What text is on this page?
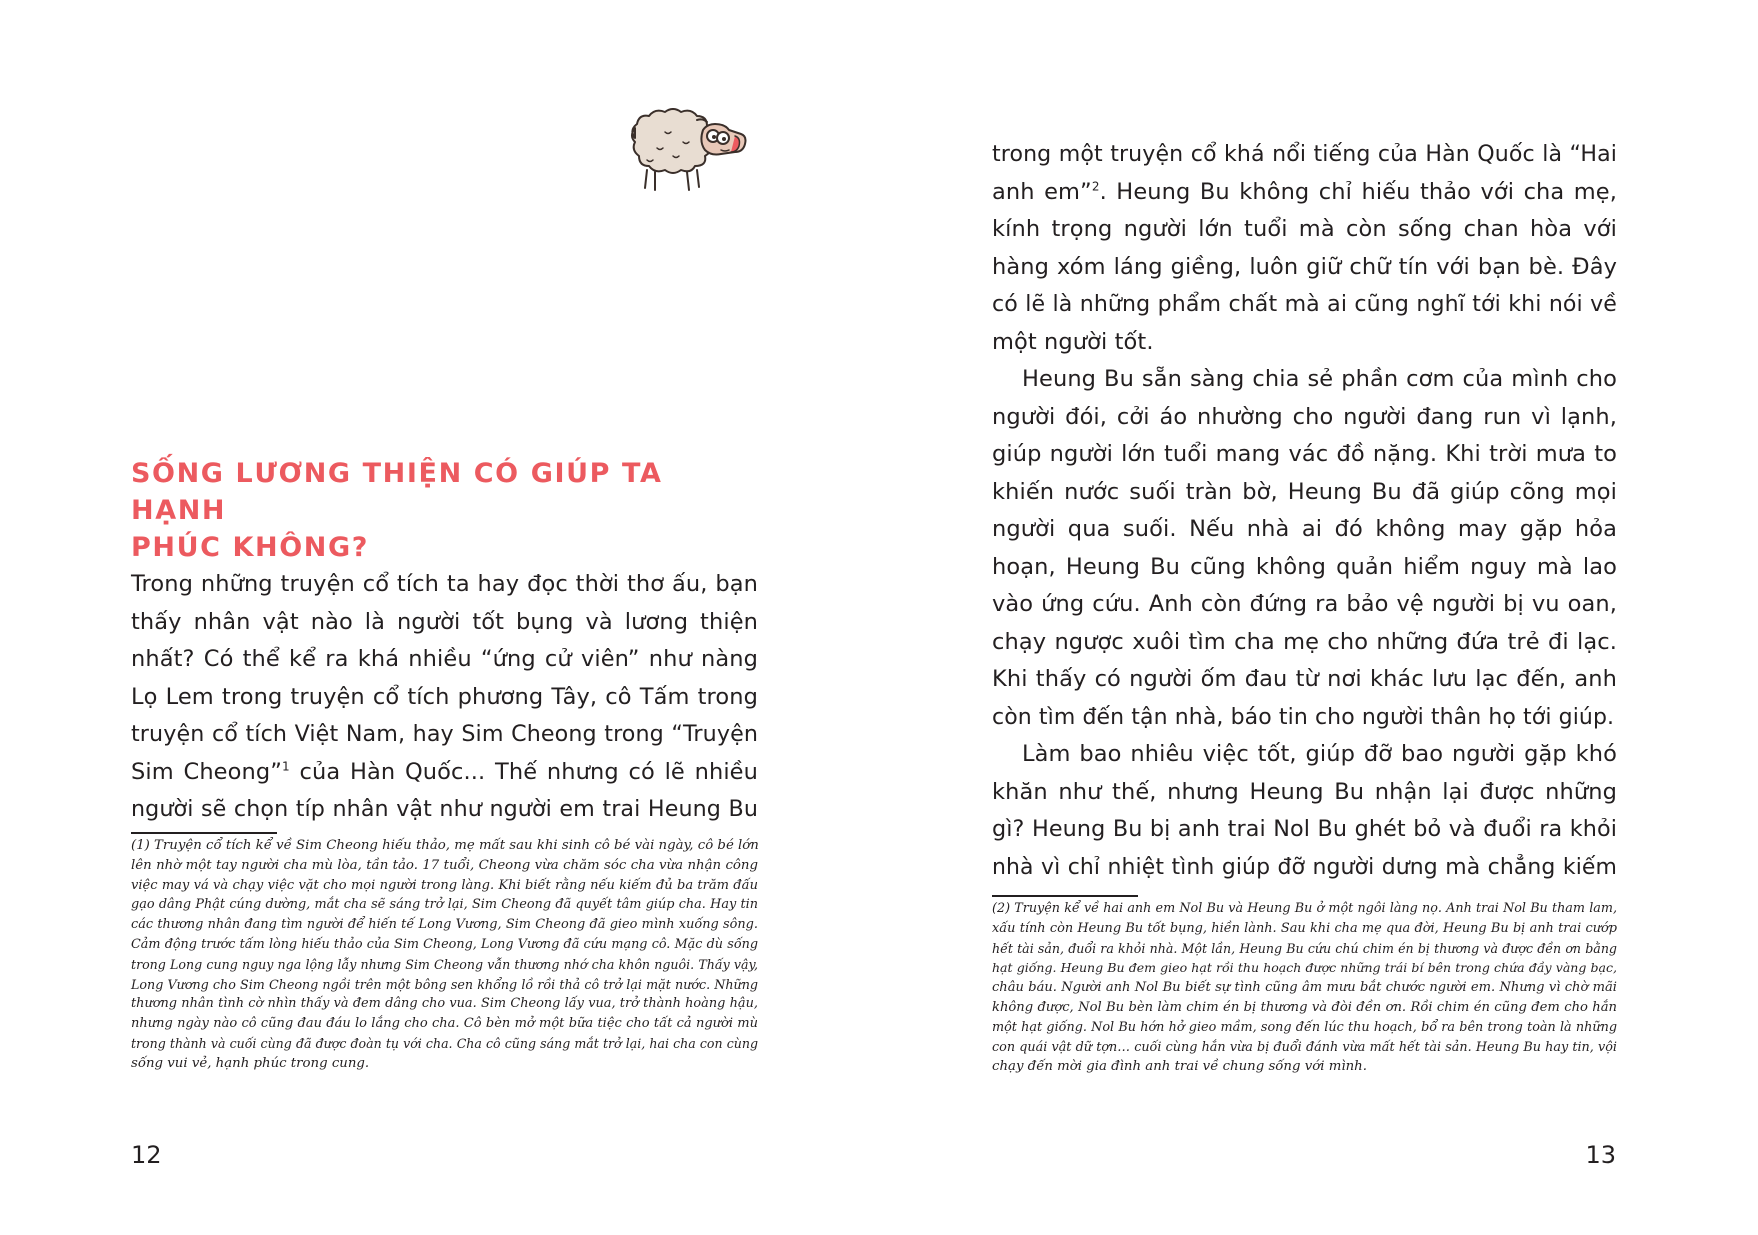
SỐNG LƯƠNG THIỆN CÓ GIÚP TA HẠNH
PHÚC KHÔNG?
Trong những truyện cổ tích ta hay đọc thời thơ ấu, bạn
thấy nhân vật nào là người tốt bụng và lương thiện
nhất? Có thể kể ra khá nhiều “ứng cử viên” như nàng
Lọ Lem trong truyện cổ tích phương Tây, cô Tấm trong
truyện cổ tích Việt Nam, hay Sim Cheong trong “Truyện
Sim Cheong”$^1$ của Hàn Quốc... Thế nhưng có lẽ nhiều
người sẽ chọn típ nhân vật như người em trai Heung Bu
(1) Truyện cổ tích kể về Sim Cheong hiếu thảo, mẹ mất sau khi sinh cô bé vài ngày, cô bé lớn
lên nhờ một tay người cha mù lòa, tần tảo. 17 tuổi, Cheong vừa chăm sóc cha vừa nhận công
việc may vá và chạy việc vặt cho mọi người trong làng. Khi biết rằng nếu kiếm đủ ba trăm đấu
gạo dâng Phật cúng dường, mắt cha sẽ sáng trở lại, Sim Cheong đã quyết tâm giúp cha. Hay tin
các thương nhân đang tìm người để hiến tế Long Vương, Sim Cheong đã gieo mình xuống sông.
Cảm động trước tấm lòng hiếu thảo của Sim Cheong, Long Vương đã cứu mạng cô. Mặc dù sống
trong Long cung nguy nga lộng lẫy nhưng Sim Cheong vẫn thương nhớ cha khôn nguôi. Thấy vậy,
Long Vương cho Sim Cheong ngồi trên một bông sen khổng lồ rồi thả cô trở lại mặt nước. Những
thương nhân tình cờ nhìn thấy và đem dâng cho vua. Sim Cheong lấy vua, trở thành hoàng hậu,
nhưng ngày nào cô cũng đau đáu lo lắng cho cha. Cô bèn mở một bữa tiệc cho tất cả người mù
trong thành và cuối cùng đã được đoàn tụ với cha. Cha cô cũng sáng mắt trở lại, hai cha con cùng
sống vui vẻ, hạnh phúc trong cung.

12

trong một truyện cổ khá nổi tiếng của Hàn Quốc là “Hai
anh em”$^2$. Heung Bu không chỉ hiếu thảo với cha mẹ,
kính trọng người lớn tuổi mà còn sống chan hòa với
hàng xóm láng giềng, luôn giữ chữ tín với bạn bè. Đây
có lẽ là những phẩm chất mà ai cũng nghĩ tới khi nói về
một người tốt.
Heung Bu sẵn sàng chia sẻ phần cơm của mình cho
người đói, cởi áo nhường cho người đang run vì lạnh,
giúp người lớn tuổi mang vác đồ nặng. Khi trời mưa to
khiến nước suối tràn bờ, Heung Bu đã giúp cõng mọi
người qua suối. Nếu nhà ai đó không may gặp hỏa
hoạn, Heung Bu cũng không quản hiểm nguy mà lao
vào ứng cứu. Anh còn đứng ra bảo vệ người bị vu oan,
chạy ngược xuôi tìm cha mẹ cho những đứa trẻ đi lạc.
Khi thấy có người ốm đau từ nơi khác lưu lạc đến, anh
còn tìm đến tận nhà, báo tin cho người thân họ tới giúp.
Làm bao nhiêu việc tốt, giúp đỡ bao người gặp khó
khăn như thế, nhưng Heung Bu nhận lại được những
gì? Heung Bu bị anh trai Nol Bu ghét bỏ và đuổi ra khỏi
nhà vì chỉ nhiệt tình giúp đỡ người dưng mà chẳng kiếm
(2) Truyện kể về hai anh em Nol Bu và Heung Bu ở một ngôi làng nọ. Anh trai Nol Bu tham lam,
xấu tính còn Heung Bu tốt bụng, hiền lành. Sau khi cha mẹ qua đời, Heung Bu bị anh trai cướp
hết tài sản, đuổi ra khỏi nhà. Một lần, Heung Bu cứu chú chim én bị thương và được đền ơn bằng
hạt giống. Heung Bu đem gieo hạt rồi thu hoạch được những trái bí bên trong chứa đầy vàng bạc,
châu báu. Người anh Nol Bu biết sự tình cũng âm mưu bắt chước người em. Nhưng vì chờ mãi
không được, Nol Bu bèn làm chim én bị thương và đòi đền ơn. Rồi chim én cũng đem cho hắn
một hạt giống. Nol Bu hớn hở gieo mầm, song đến lúc thu hoạch, bổ ra bên trong toàn là những
con quái vật dữ tợn… cuối cùng hắn vừa bị đuổi đánh vừa mất hết tài sản. Heung Bu hay tin, vội
chạy đến mời gia đình anh trai về chung sống với mình.

13
